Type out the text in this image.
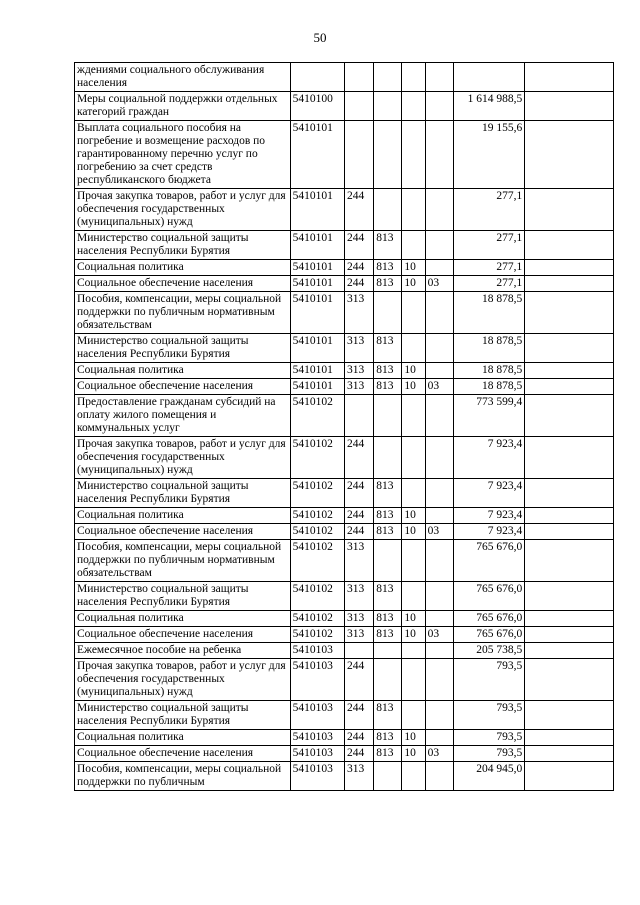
50
ждениями социального обслуживания населения							
Меры социальной поддержки отдельных категорий граждан	5410100					1 614 988,5	
Выплата социального пособия на погребение и возмещение расходов по гарантированному перечню услуг по погребению за счет средств республиканского бюджета	5410101					19 155,6	
Прочая закупка товаров, работ и услуг для обеспечения государственных (муниципальных) нужд	5410101	244				277,1	
Министерство социальной защиты населения Республики Бурятия	5410101	244	813			277,1	
Социальная политика	5410101	244	813	10		277,1	
Социальное обеспечение населения	5410101	244	813	10	03	277,1	
Пособия, компенсации, меры социальной поддержки по публичным нормативным обязательствам	5410101	313				18 878,5	
Министерство социальной защиты населения Республики Бурятия	5410101	313	813			18 878,5	
Социальная политика	5410101	313	813	10		18 878,5	
Социальное обеспечение населения	5410101	313	813	10	03	18 878,5	
Предоставление гражданам субсидий на оплату жилого помещения и коммунальных услуг	5410102					773 599,4	
Прочая закупка товаров, работ и услуг для обеспечения государственных (муниципальных) нужд	5410102	244				7 923,4	
Министерство социальной защиты населения Республики Бурятия	5410102	244	813			7 923,4	
Социальная политика	5410102	244	813	10		7 923,4	
Социальное обеспечение населения	5410102	244	813	10	03	7 923,4	
Пособия, компенсации, меры социальной поддержки по публичным нормативным обязательствам	5410102	313				765 676,0	
Министерство социальной защиты населения Республики Бурятия	5410102	313	813			765 676,0	
Социальная политика	5410102	313	813	10		765 676,0	
Социальное обеспечение населения	5410102	313	813	10	03	765 676,0	
Ежемесячное пособие на ребенка	5410103					205 738,5	
Прочая закупка товаров, работ и услуг для обеспечения государственных (муниципальных) нужд	5410103	244				793,5	
Министерство социальной защиты населения Республики Бурятия	5410103	244	813			793,5	
Социальная политика	5410103	244	813	10		793,5	
Социальное обеспечение населения	5410103	244	813	10	03	793,5	
Пособия, компенсации, меры социальной поддержки по публичным	5410103	313				204 945,0	
